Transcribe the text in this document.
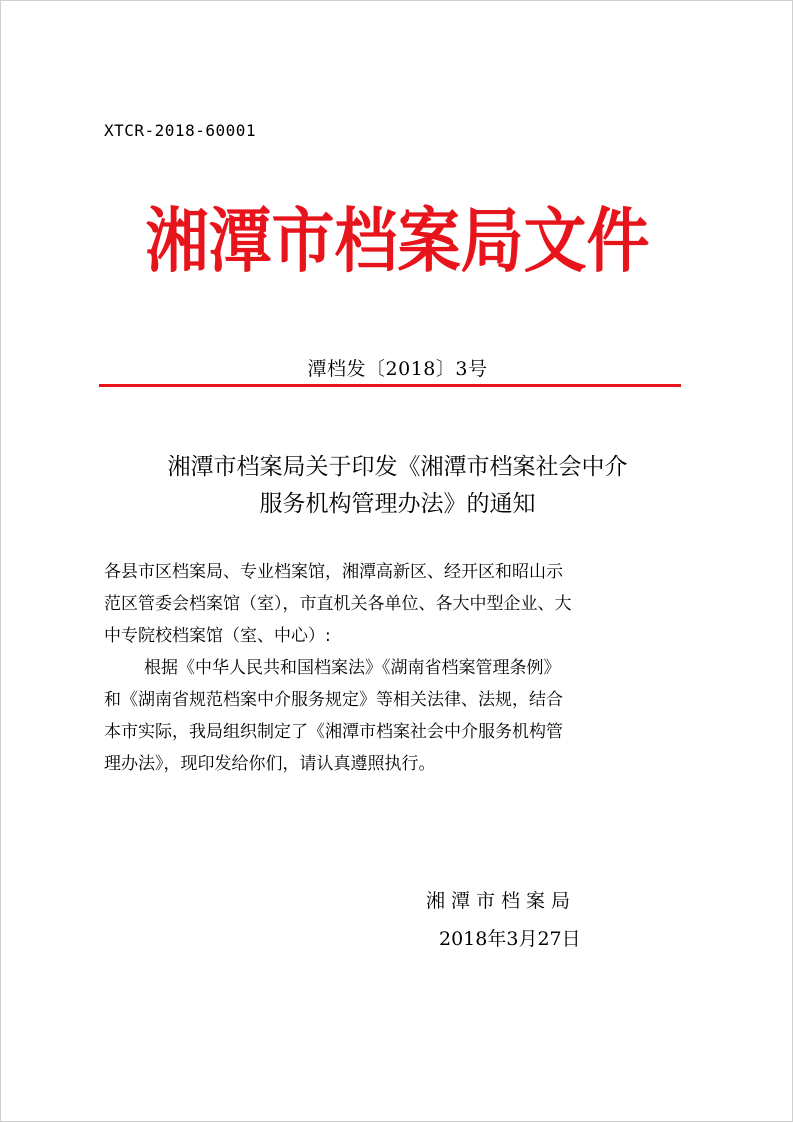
XTCR-2018-60001
湘潭市档案局文件
潭档发〔2018〕3号
湘潭市档案局关于印发《湘潭市档案社会中介
服务机构管理办法》的通知
各县市区档案局、专业档案馆，湘潭高新区、经开区和昭山示
范区管委会档案馆（室），市直机关各单位、各大中型企业、大
中专院校档案馆（室、中心）:
根据《中华人民共和国档案法》《湖南省档案管理条例》
和《湖南省规范档案中介服务规定》等相关法律、法规，结合
本市实际，我局组织制定了《湘潭市档案社会中介服务机构管
理办法》，现印发给你们，请认真遵照执行。
湘潭市档案局
2018年3月27日
